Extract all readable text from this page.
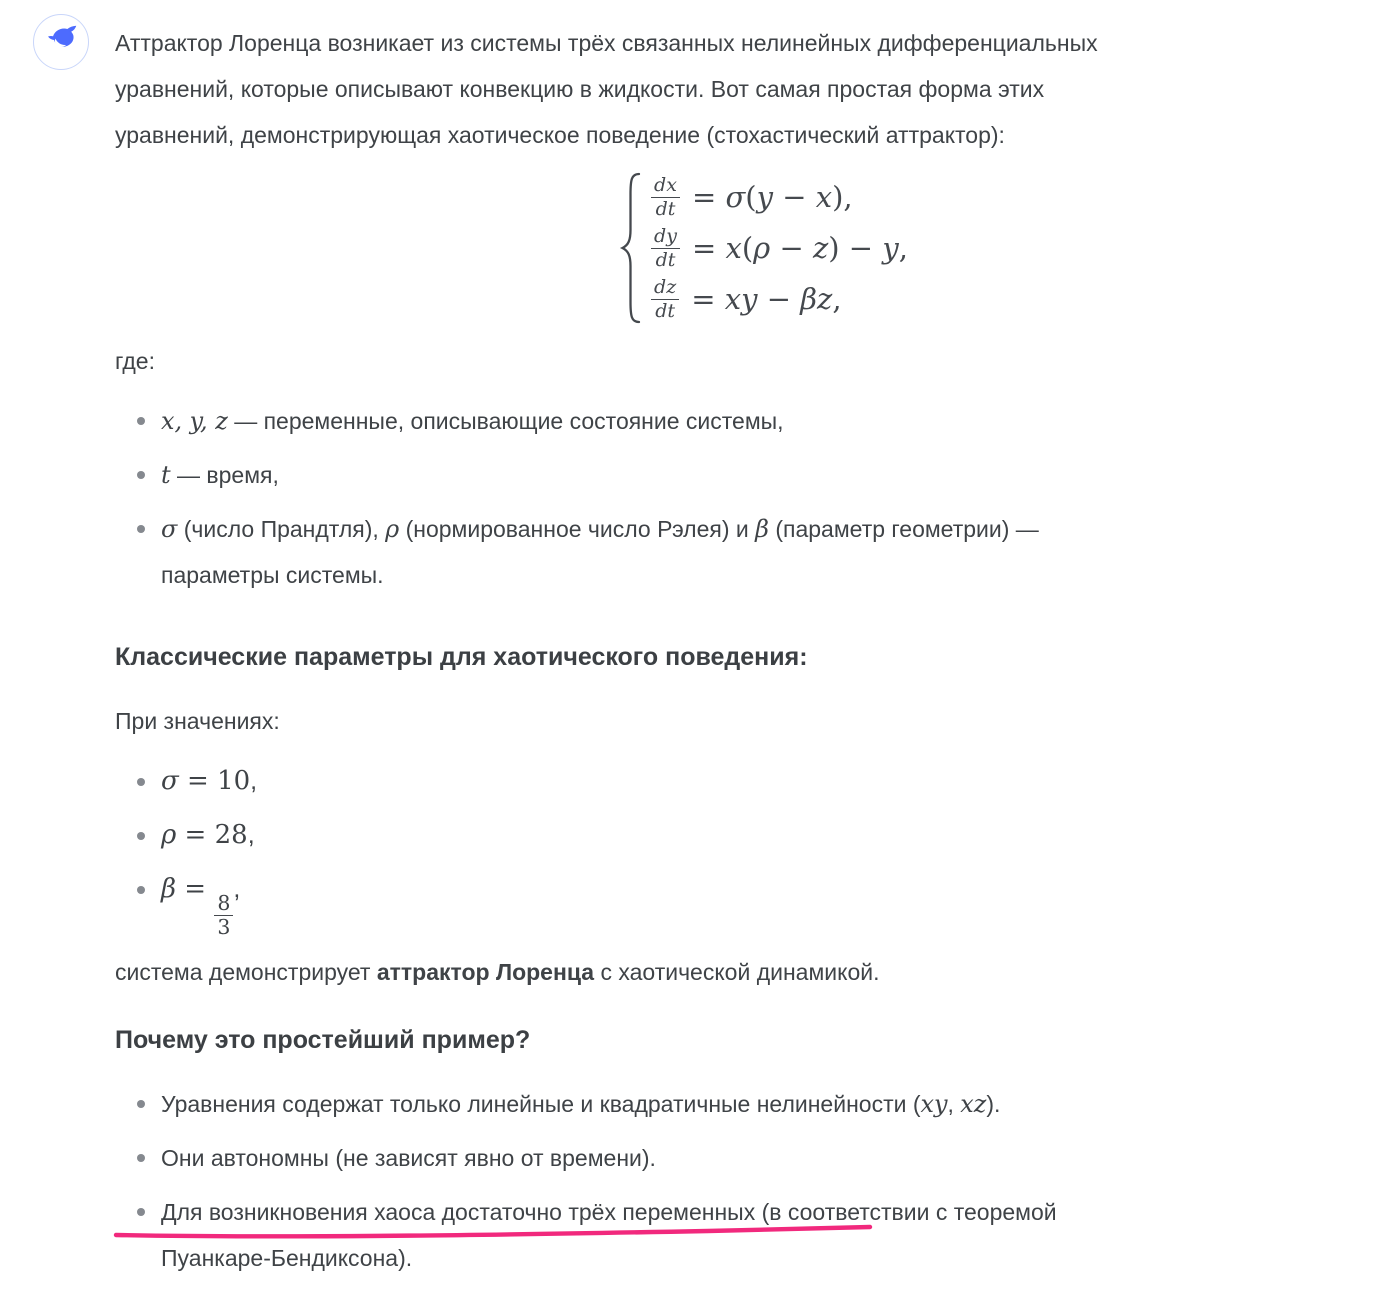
Аттрактор Лоренца возникает из системы трёх связанных нелинейных дифференциальных
уравнений, которые описывают конвекцию в жидкости. Вот самая простая форма этих
уравнений, демонстрирующая хаотическое поведение (стохастический аттрактор):
$\frac{dx}{dt} = \sigma(y - x)$,
$\frac{dy}{dt} = x(\rho - z) - y$,
$\frac{dz}{dt}$ = xy − βz,

где:

x, y, z — переменные, описывающие состояние системы,
t — время,
σ (число Прандтля), ρ (нормированное число Рэлея) и β (параметр геометрии) —
параметры системы.
Классические параметры для хаотического поведения:

При значениях:

σ = 10,
ρ = 28,
β =
$\frac{8}{3}$
,

система демонстрирует аттрактор Лоренца с хаотической динамикой.

Почему это простейший пример?
Уравнения содержат только линейные и квадратичные нелинейности (xy, xz).
Они автономны (не зависят явно от времени).
Для возникновения хаоса достаточно трёх переменных (в соответствии с теоремой
Пуанкаре-Бендиксона).
